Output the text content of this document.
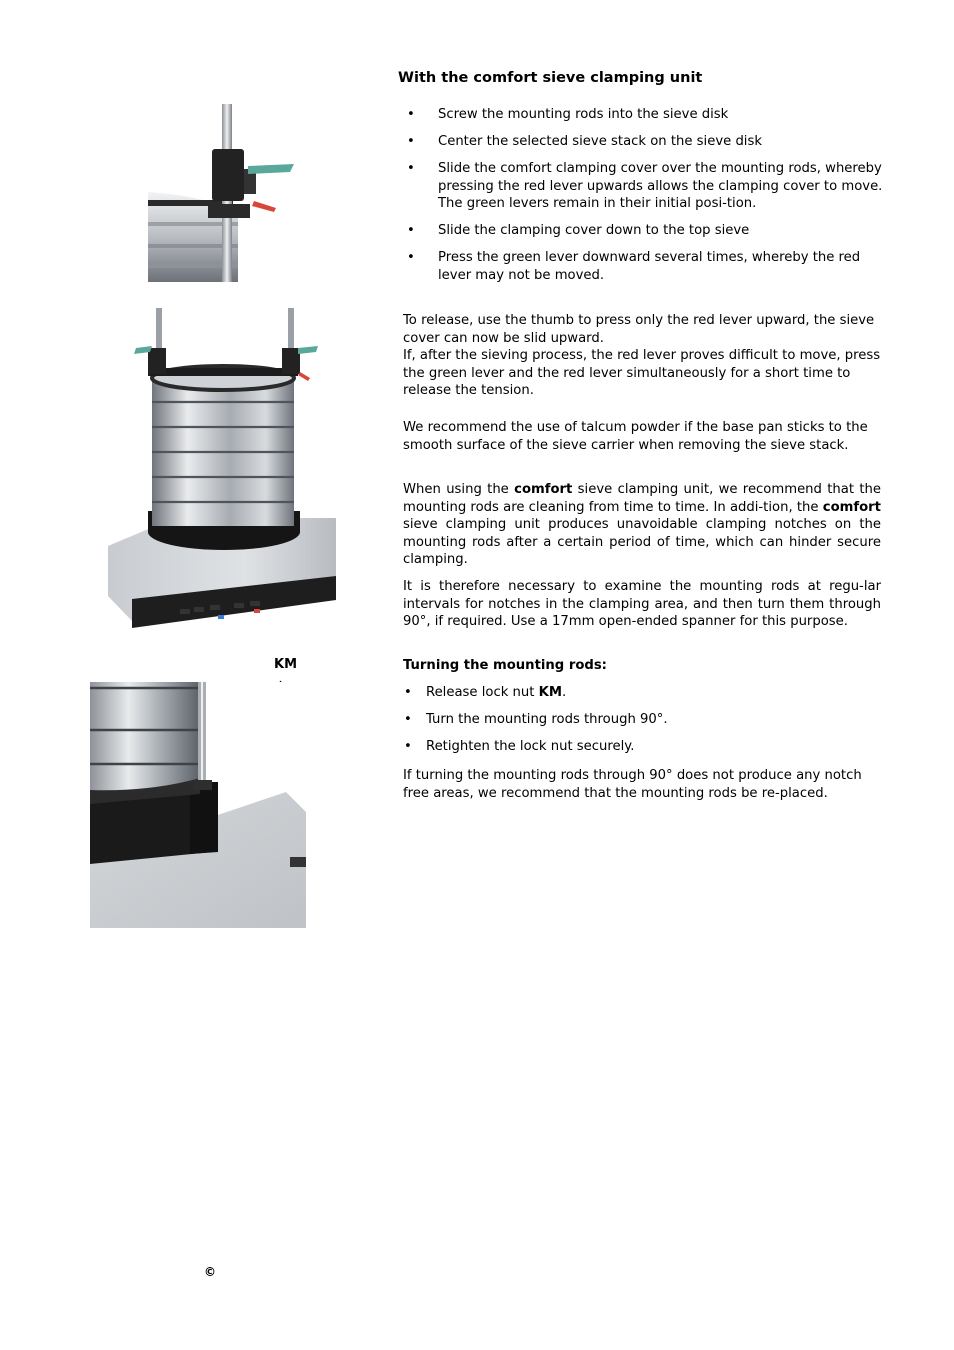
KM
With the comfort sieve clamping unit
• Screw the mounting rods into the sieve disk
• Center the selected sieve stack on the sieve disk
• Slide the comfort clamping cover over the mounting rods, whereby pressing the red lever upwards allows the clamping cover to move. The green levers remain in their initial posi-tion.
• Slide the clamping cover down to the top sieve
• Press the green lever downward several times, whereby the red lever may not be moved.

To release, use the thumb to press only the red lever upward, the sieve cover can now be slid upward.
If, after the sieving process, the red lever proves difficult to move, press the green lever and the red lever simultaneously for a short time to release the tension.

We recommend the use of talcum powder if the base pan sticks to the smooth surface of the sieve carrier when removing the sieve stack.

When using the comfort sieve clamping unit, we recommend that the mounting rods are cleaning from time to time. In addi-tion, the comfort sieve clamping unit produces unavoidable clamping notches on the mounting rods after a certain period of time, which can hinder secure clamping.

It is therefore necessary to examine the mounting rods at regu-lar intervals for notches in the clamping area, and then turn them through 90°, if required. Use a 17mm open-ended spanner for this purpose.

Turning the mounting rods:

• Release lock nut KM.
• Turn the mounting rods through 90°.
• Retighten the lock nut securely.

If turning the mounting rods through 90° does not produce any notch free areas, we recommend that the mounting rods be re-placed.

©
